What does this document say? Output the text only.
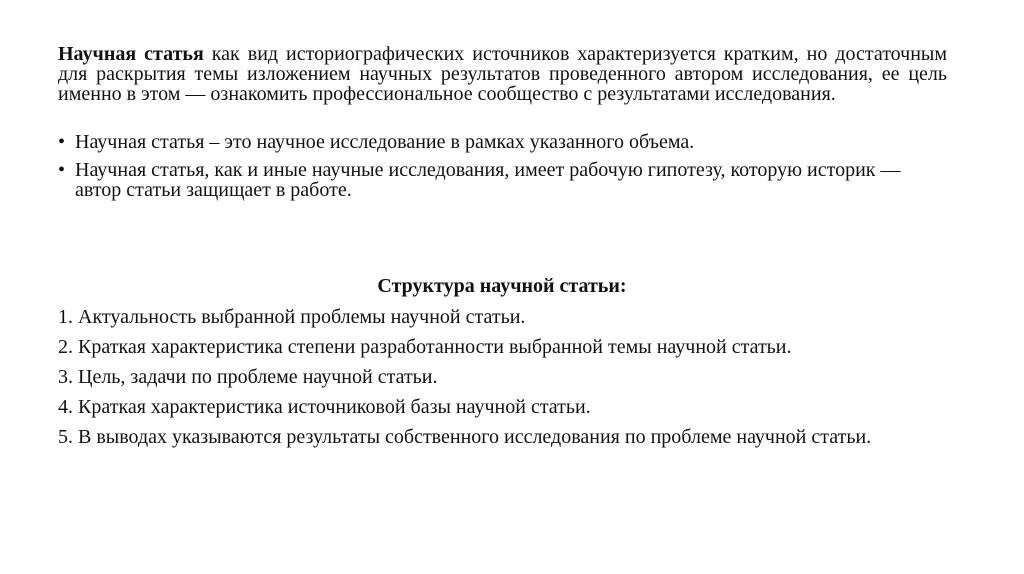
Научная статья как вид историографических источников характеризуется кратким, но достаточным для раскрытия темы изложением научных результатов проведенного автором исследования, ее цель именно в этом — ознакомить профессиональное сообщество с результатами исследования.

• Научная статья – это научное исследование в рамках указанного объема.
• Научная статья, как и иные научные исследования, имеет рабочую гипотезу, которую историк — автор статьи защищает в работе.
Структура научной статьи:
1. Актуальность выбранной проблемы научной статьи.
2. Краткая характеристика степени разработанности выбранной темы научной статьи.
3. Цель, задачи по проблеме научной статьи.
4. Краткая характеристика источниковой базы научной статьи.
5. В выводах указываются результаты собственного исследования по проблеме научной статьи.
